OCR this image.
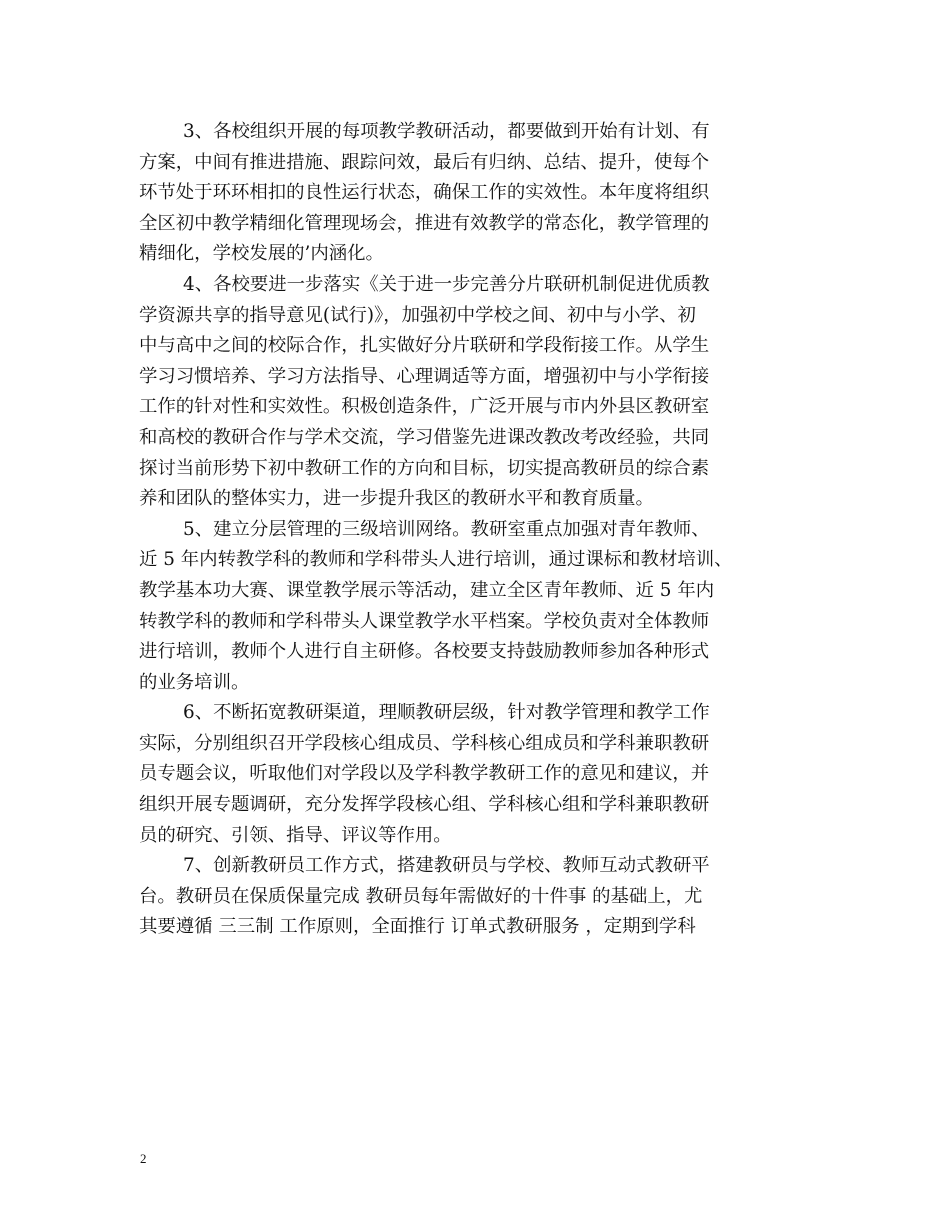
3、各校组织开展的每项教学教研活动，都要做到开始有计划、有
方案，中间有推进措施、跟踪问效，最后有归纳、总结、提升，使每个
环节处于环环相扣的良性运行状态，确保工作的实效性。本年度将组织
全区初中教学精细化管理现场会，推进有效教学的常态化，教学管理的
精细化，学校发展的’内涵化。

4、各校要进一步落实《关于进一步完善分片联研机制促进优质教
学资源共享的指导意见(试行)》，加强初中学校之间、初中与小学、初
中与高中之间的校际合作，扎实做好分片联研和学段衔接工作。从学生
学习习惯培养、学习方法指导、心理调适等方面，增强初中与小学衔接
工作的针对性和实效性。积极创造条件，广泛开展与市内外县区教研室
和高校的教研合作与学术交流，学习借鉴先进课改教改考改经验，共同
探讨当前形势下初中教研工作的方向和目标，切实提高教研员的综合素
养和团队的整体实力，进一步提升我区的教研水平和教育质量。

5、建立分层管理的三级培训网络。教研室重点加强对青年教师、
近 5 年内转教学科的教师和学科带头人进行培训，通过课标和教材培训、
教学基本功大赛、课堂教学展示等活动，建立全区青年教师、近 5 年内
转教学科的教师和学科带头人课堂教学水平档案。学校负责对全体教师
进行培训，教师个人进行自主研修。各校要支持鼓励教师参加各种形式
的业务培训。

6、不断拓宽教研渠道，理顺教研层级，针对教学管理和教学工作
实际，分别组织召开学段核心组成员、学科核心组成员和学科兼职教研
员专题会议，听取他们对学段以及学科教学教研工作的意见和建议，并
组织开展专题调研，充分发挥学段核心组、学科核心组和学科兼职教研
员的研究、引领、指导、评议等作用。

7、创新教研员工作方式，搭建教研员与学校、教师互动式教研平
台。教研员在保质保量完成 教研员每年需做好的十件事 的基础上，尤
其要遵循 三三制 工作原则，全面推行 订单式教研服务 ，定期到学科

2
